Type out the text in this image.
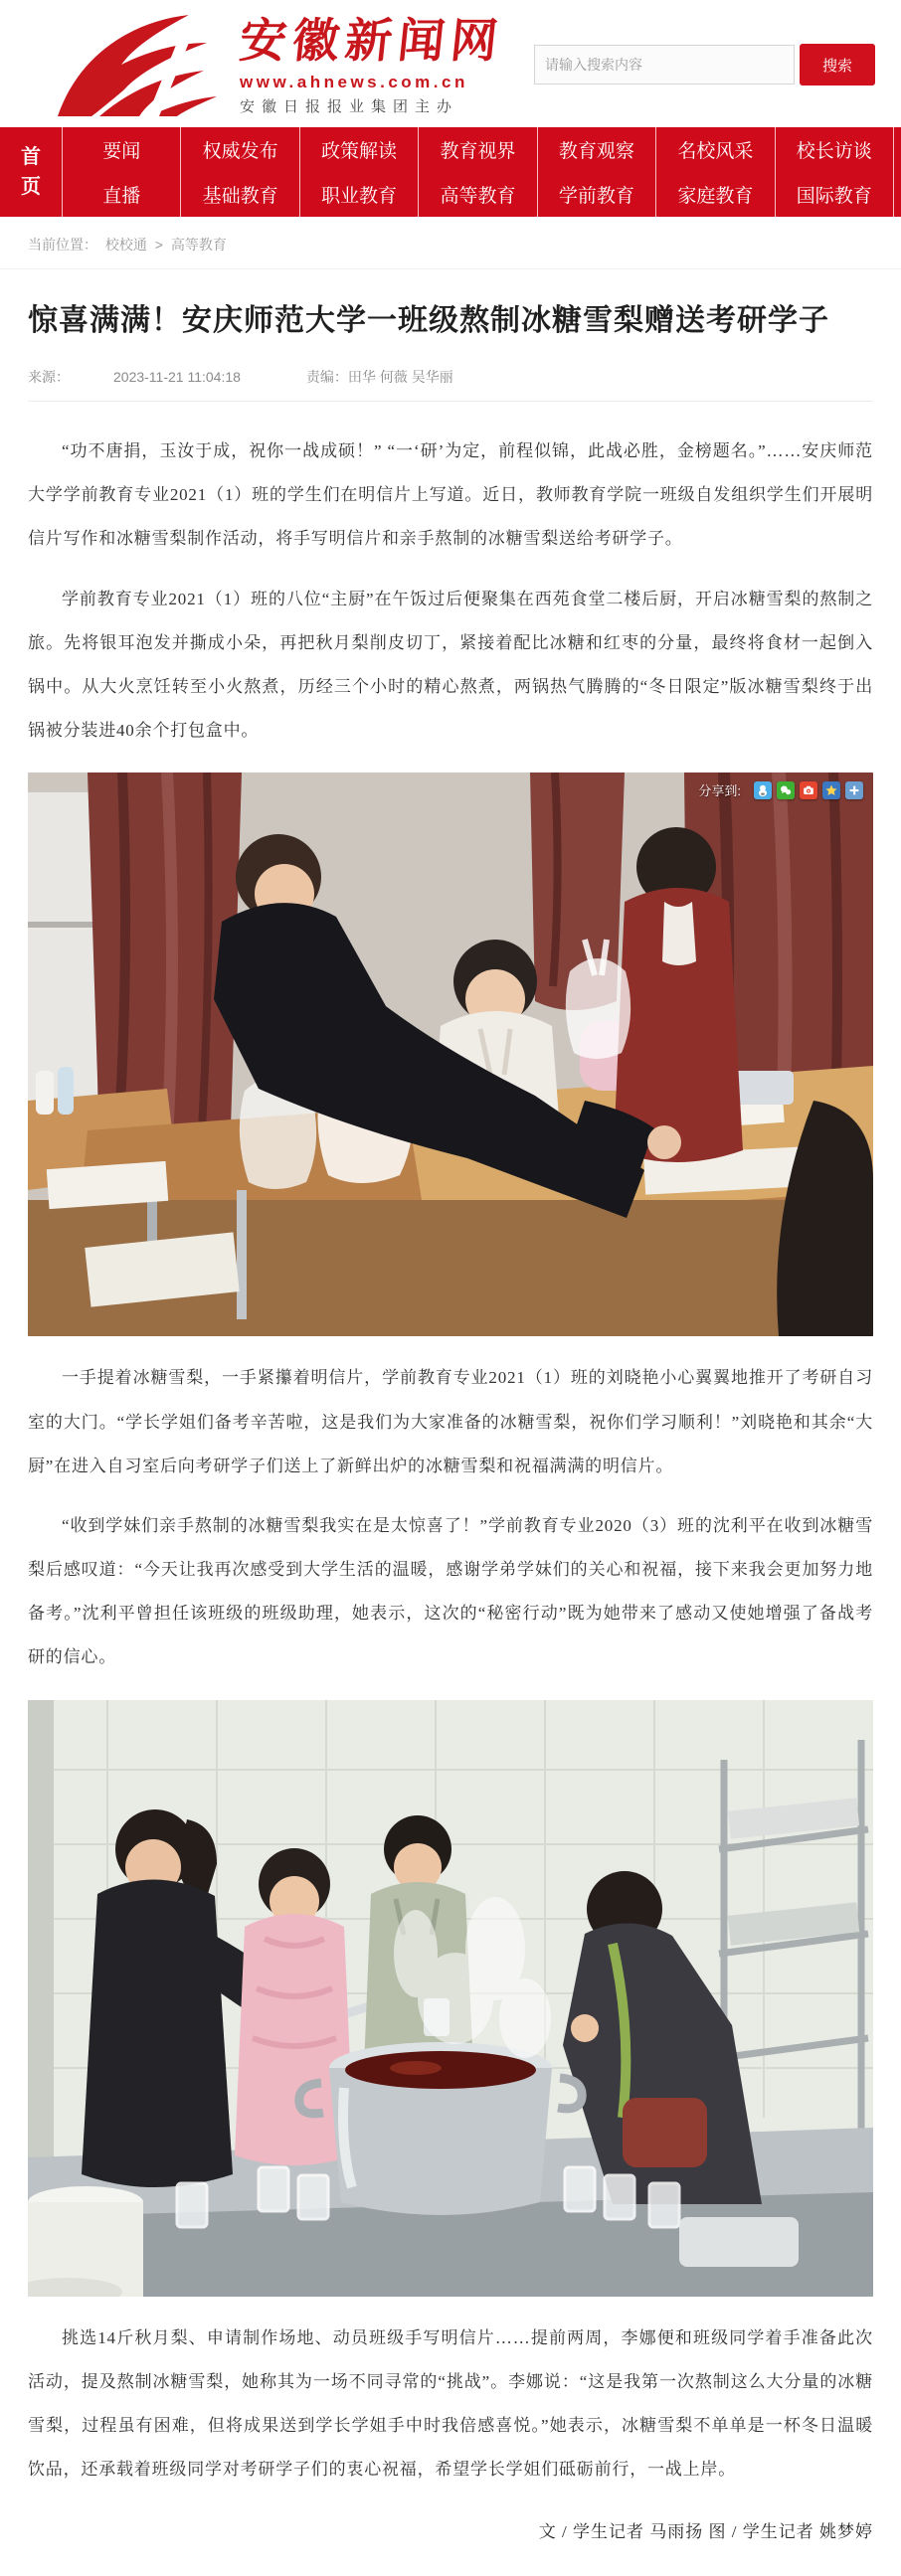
安徽新闻网
www.ahnews.com.cn
安徽日报报业集团主办
请输入搜索内容
搜索
首页
要闻	权威发布	政策解读	教育视界	教育观察	名校风采	校长访谈
直播	基础教育	职业教育	高等教育	学前教育	家庭教育	国际教育
当前位置： 校校通 > 高等教育
惊喜满满！安庆师范大学一班级熬制冰糖雪梨赠送考研学子
来源：	2023-11-21 11:04:18	责编： 田华 何薇 吴华丽

“功不唐捐，玉汝于成，祝你一战成硕！” “一‘研’为定，前程似锦，此战必胜，金榜题名。”……安庆师范大学学前教育专业2021（1）班的学生们在明信片上写道。近日，教师教育学院一班级自发组织学生们开展明信片写作和冰糖雪梨制作活动，将手写明信片和亲手熬制的冰糖雪梨送给考研学子。

学前教育专业2021（1）班的八位“主厨”在午饭过后便聚集在西苑食堂二楼后厨，开启冰糖雪梨的熬制之旅。先将银耳泡发并撕成小朵，再把秋月梨削皮切丁，紧接着配比冰糖和红枣的分量，最终将食材一起倒入锅中。从大火烹饪转至小火熬煮，历经三个小时的精心熬煮，两锅热气腾腾的“冬日限定”版冰糖雪梨终于出锅被分装进40余个打包盒中。

分享到:

一手提着冰糖雪梨，一手紧攥着明信片，学前教育专业2021（1）班的刘晓艳小心翼翼地推开了考研自习室的大门。“学长学姐们备考辛苦啦，这是我们为大家准备的冰糖雪梨，祝你们学习顺利！”刘晓艳和其余“大厨”在进入自习室后向考研学子们送上了新鲜出炉的冰糖雪梨和祝福满满的明信片。

“收到学妹们亲手熬制的冰糖雪梨我实在是太惊喜了！”学前教育专业2020（3）班的沈利平在收到冰糖雪梨后感叹道：“今天让我再次感受到大学生活的温暖，感谢学弟学妹们的关心和祝福，接下来我会更加努力地备考。”沈利平曾担任该班级的班级助理，她表示，这次的“秘密行动”既为她带来了感动又使她增强了备战考研的信心。

挑选14斤秋月梨、申请制作场地、动员班级手写明信片……提前两周，李娜便和班级同学着手准备此次活动，提及熬制冰糖雪梨，她称其为一场不同寻常的“挑战”。李娜说：“这是我第一次熬制这么大分量的冰糖雪梨，过程虽有困难，但将成果送到学长学姐手中时我倍感喜悦。”她表示，冰糖雪梨不单单是一杯冬日温暖饮品，还承载着班级同学对考研学子们的衷心祝福，希望学长学姐们砥砺前行，一战上岸。

文 / 学生记者 马雨扬 图 / 学生记者 姚梦婷
